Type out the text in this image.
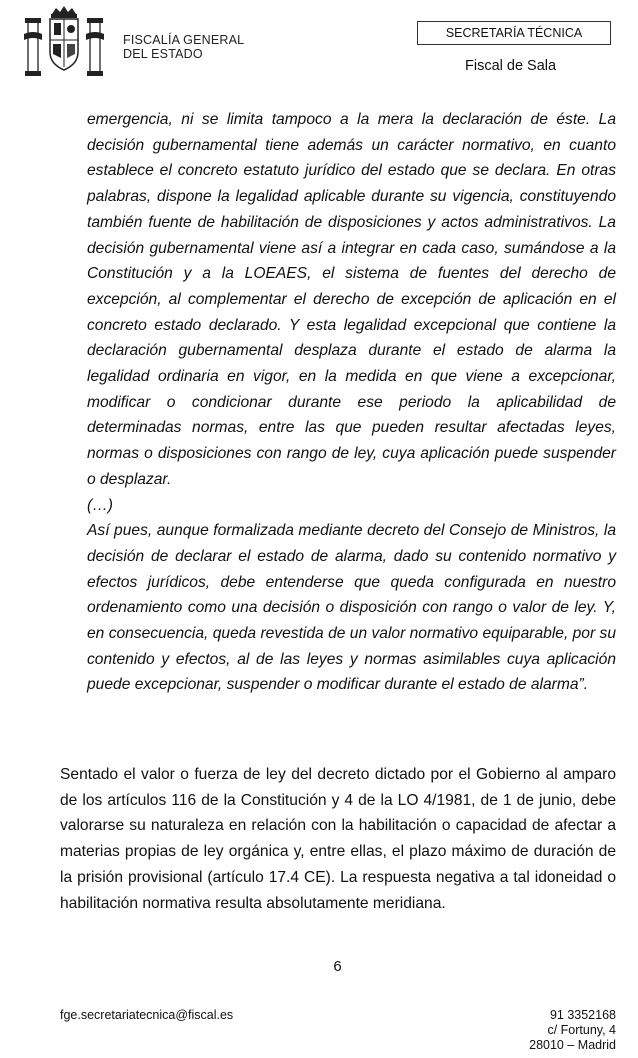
FISCALÍA GENERAL
DEL ESTADO
SECRETARÍA TÉCNICA
Fiscal de Sala

emergencia, ni se limita tampoco a la mera la declaración de éste. La decisión gubernamental tiene además un carácter normativo, en cuanto establece el concreto estatuto jurídico del estado que se declara. En otras palabras, dispone la legalidad aplicable durante su vigencia, constituyendo también fuente de habilitación de disposiciones y actos administrativos. La decisión gubernamental viene así a integrar en cada caso, sumándose a la Constitución y a la LOEAES, el sistema de fuentes del derecho de excepción, al complementar el derecho de excepción de aplicación en el concreto estado declarado. Y esta legalidad excepcional que contiene la declaración gubernamental desplaza durante el estado de alarma la legalidad ordinaria en vigor, en la medida en que viene a excepcionar, modificar o condicionar durante ese periodo la aplicabilidad de determinadas normas, entre las que pueden resultar afectadas leyes, normas o disposiciones con rango de ley, cuya aplicación puede suspender o desplazar.

(…)

Así pues, aunque formalizada mediante decreto del Consejo de Ministros, la decisión de declarar el estado de alarma, dado su contenido normativo y efectos jurídicos, debe entenderse que queda configurada en nuestro ordenamiento como una decisión o disposición con rango o valor de ley. Y, en consecuencia, queda revestida de un valor normativo equiparable, por su contenido y efectos, al de las leyes y normas asimilables cuya aplicación puede excepcionar, suspender o modificar durante el estado de alarma”.

Sentado el valor o fuerza de ley del decreto dictado por el Gobierno al amparo de los artículos 116 de la Constitución y 4 de la LO 4/1981, de 1 de junio, debe valorarse su naturaleza en relación con la habilitación o capacidad de afectar a materias propias de ley orgánica y, entre ellas, el plazo máximo de duración de la prisión provisional (artículo 17.4 CE). La respuesta negativa a tal idoneidad o habilitación normativa resulta absolutamente meridiana.

6
fge.secretariatecnica@fiscal.es	91 3352168
c/ Fortuny, 4
28010 – Madrid
